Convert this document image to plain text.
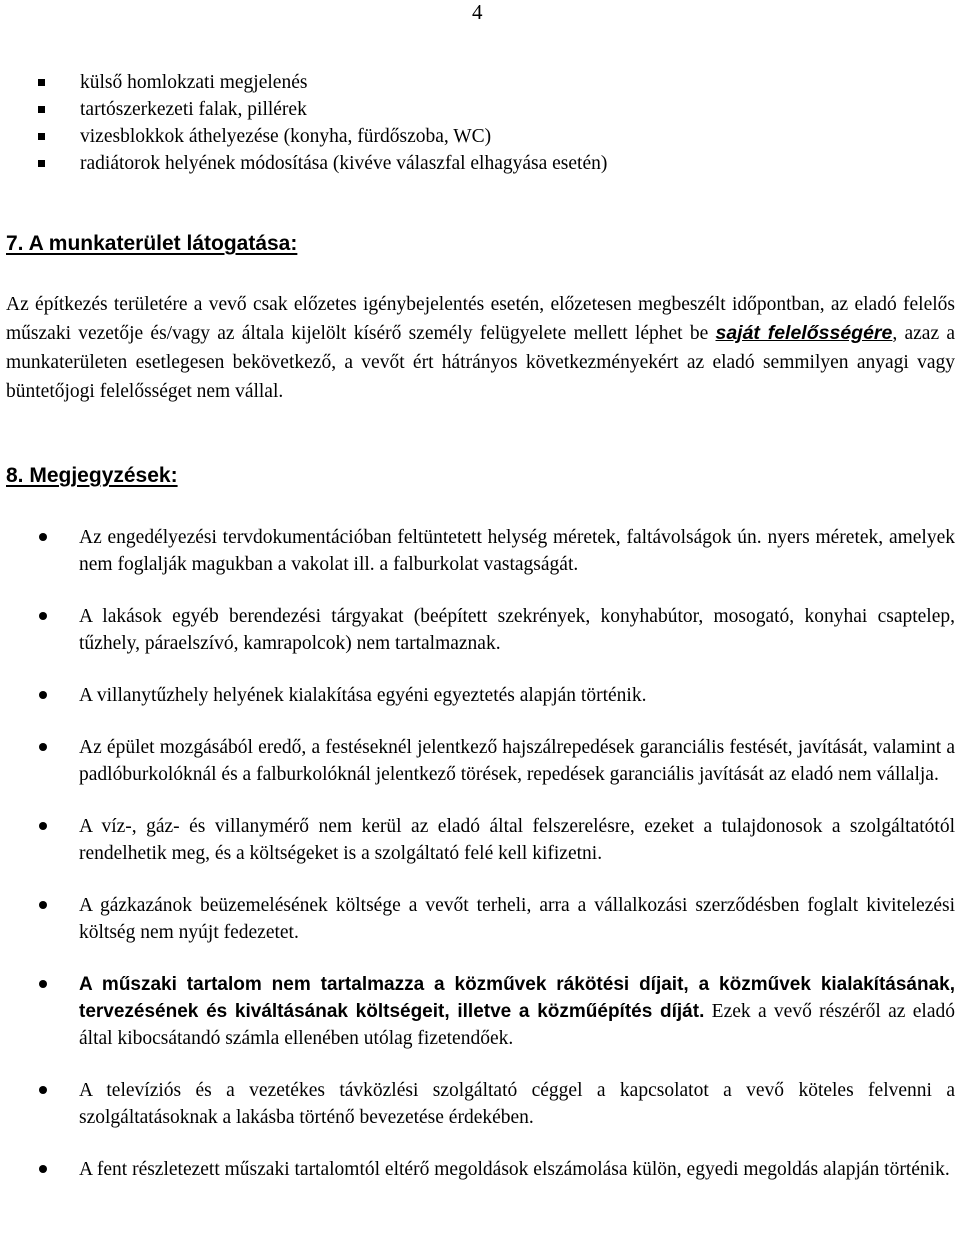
4
külső homlokzati megjelenés
tartószerkezeti falak, pillérek
vizesblokkok áthelyezése (konyha, fürdőszoba, WC)
radiátorok helyének módosítása (kivéve válaszfal elhagyása esetén)
7. A munkaterület látogatása:

Az építkezés területére a vevő csak előzetes igénybejelentés esetén, előzetesen megbeszélt időpontban, az eladó felelős műszaki vezetője és/vagy az általa kijelölt kísérő személy felügyelete mellett léphet be saját felelősségére, azaz a munkaterületen esetlegesen bekövetkező, a vevőt ért hátrányos következményekért az eladó semmilyen anyagi vagy büntetőjogi felelősséget nem vállal.

8. Megjegyzések:
Az engedélyezési tervdokumentációban feltüntetett helység méretek, faltávolságok ún. nyers méretek, amelyek nem foglalják magukban a vakolat ill. a falburkolat vastagságát.
A lakások egyéb berendezési tárgyakat (beépített szekrények, konyhabútor, mosogató, konyhai csaptelep, tűzhely, páraelszívó, kamrapolcok) nem tartalmaznak.
A villanytűzhely helyének kialakítása egyéni egyeztetés alapján történik.
Az épület mozgásából eredő, a festéseknél jelentkező hajszálrepedések garanciális festését, javítását, valamint a padlóburkolóknál és a falburkolóknál jelentkező törések, repedések garanciális javítását az eladó nem vállalja.
A víz-, gáz- és villanymérő nem kerül az eladó által felszerelésre, ezeket a tulajdonosok a szolgáltatótól rendelhetik meg, és a költségeket is a szolgáltató felé kell kifizetni.
A gázkazánok beüzemelésének költsége a vevőt terheli, arra a vállalkozási szerződésben foglalt kivitelezési költség nem nyújt fedezetet.
A műszaki tartalom nem tartalmazza a közművek rákötési díjait, a közművek kialakításának, tervezésének és kiváltásának költségeit, illetve a közműépítés díját. Ezek a vevő részéről az eladó által kibocsátandó számla ellenében utólag fizetendőek.
A televíziós és a vezetékes távközlési szolgáltató céggel a kapcsolatot a vevő köteles felvenni a szolgáltatásoknak a lakásba történő bevezetése érdekében.
A fent részletezett műszaki tartalomtól eltérő megoldások elszámolása külön, egyedi megoldás alapján történik.
